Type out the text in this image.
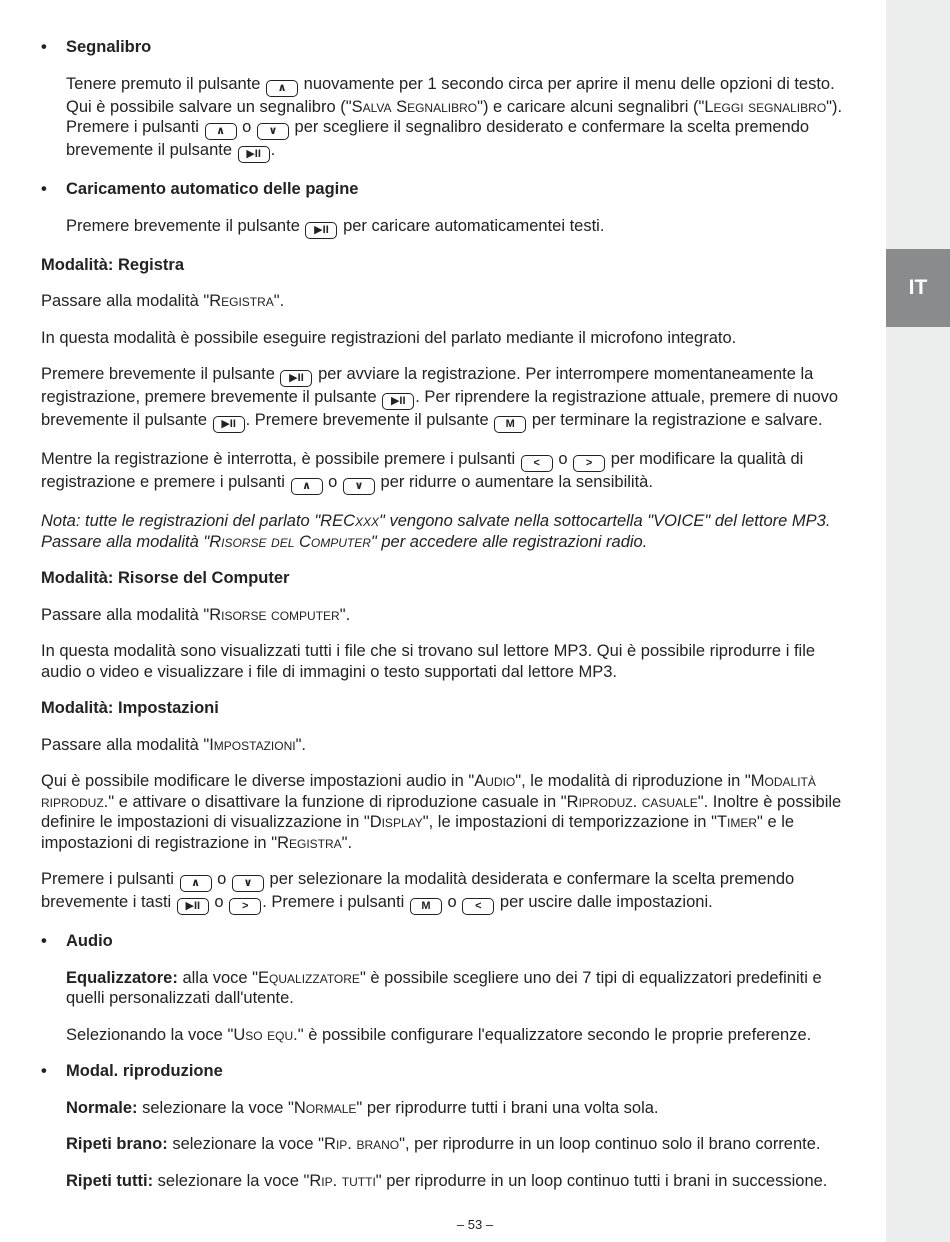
IT
• Segnalibro
Tenere premuto il pulsante ∧ nuovamente per 1 secondo circa per aprire il menu delle opzioni di testo. Qui è possibile salvare un segnalibro ("Salva Segnalibro") e caricare alcuni segnalibri ("Leggi segnalibro"). Premere i pulsanti ∧ o ∨ per scegliere il segnalibro desiderato e confermare la scelta premendo brevemente il pulsante ▶II .
• Caricamento automatico delle pagine
Premere brevemente il pulsante ▶II per caricare automaticamentei testi.
Modalità: Registra
Passare alla modalità "Registra".
In questa modalità è possibile eseguire registrazioni del parlato mediante il microfono integrato.
Premere brevemente il pulsante ▶II per avviare la registrazione. Per interrompere momentaneamente la registrazione, premere brevemente il pulsante ▶II . Per riprendere la registrazione attuale, premere di nuovo brevemente il pulsante ▶II . Premere brevemente il pulsante M per terminare la registrazione e salvare.
Mentre la registrazione è interrotta, è possibile premere i pulsanti < o > per modificare la qualità di registrazione e premere i pulsanti ∧ o ∨ per ridurre o aumentare la sensibilità.
Nota: tutte le registrazioni del parlato "RECxxx" vengono salvate nella sottocartella "VOICE" del lettore MP3.
Passare alla modalità "Risorse del Computer" per accedere alle registrazioni radio.
Modalità: Risorse del Computer
Passare alla modalità "Risorse computer".
In questa modalità sono visualizzati tutti i file che si trovano sul lettore MP3. Qui è possibile riprodurre i file audio o video e visualizzare i file di immagini o testo supportati dal lettore MP3.
Modalità: Impostazioni
Passare alla modalità "Impostazioni".
Qui è possibile modificare le diverse impostazioni audio in "Audio", le modalità di riproduzione in "Modalità riproduz." e attivare o disattivare la funzione di riproduzione casuale in "Riproduz. casuale". Inoltre è possibile definire le impostazioni di visualizzazione in "Display", le impostazioni di temporizzazione in "Timer" e le impostazioni di registrazione in "Registra".
Premere i pulsanti ∧ o ∨ per selezionare la modalità desiderata e confermare la scelta premendo brevemente i tasti ▶II o > . Premere i pulsanti M o < per uscire dalle impostazioni.
• Audio
Equalizzatore: alla voce "Equalizzatore" è possibile scegliere uno dei 7 tipi di equalizzatori predefiniti e quelli personalizzati dall'utente.
Selezionando la voce "Uso equ." è possibile configurare l'equalizzatore secondo le proprie preferenze.
• Modal. riproduzione
Normale: selezionare la voce "Normale" per riprodurre tutti i brani una volta sola.
Ripeti brano: selezionare la voce "Rip. brano", per riprodurre in un loop continuo solo il brano corrente.
Ripeti tutti: selezionare la voce "Rip. tutti" per riprodurre in un loop continuo tutti i brani in successione.
– 53 –
